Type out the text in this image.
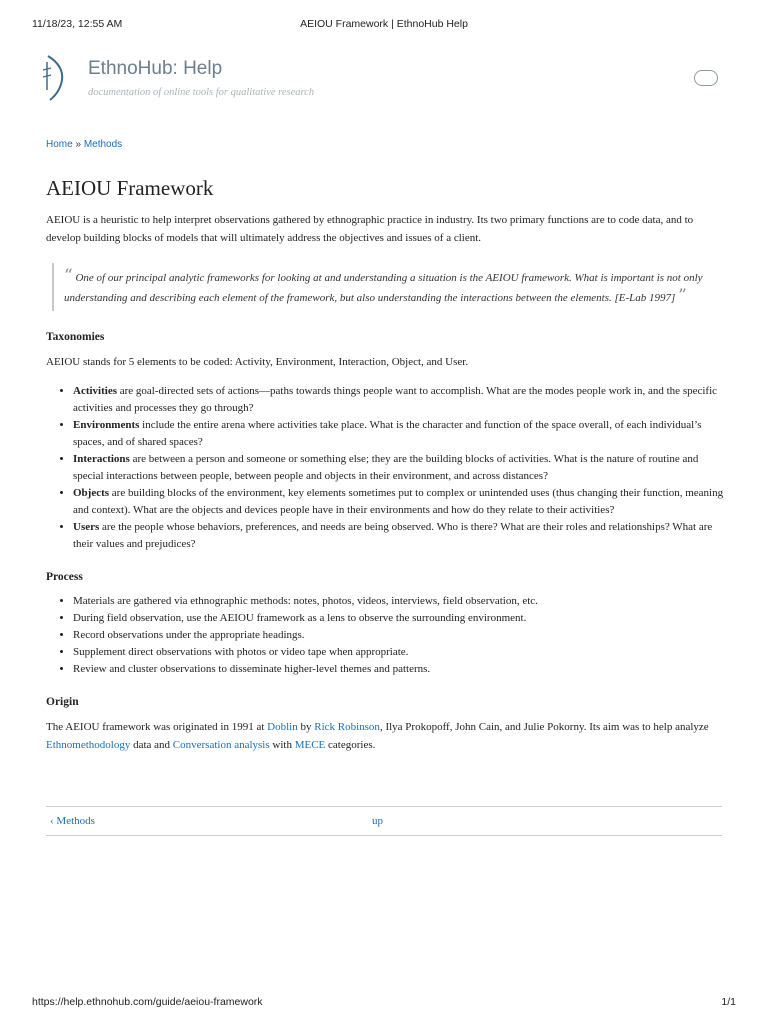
11/18/23, 12:55 AM	AEIOU Framework | EthnoHub Help
EthnoHub: Help
documentation of online tools for qualitative research
Home » Methods
AEIOU Framework

AEIOU is a heuristic to help interpret observations gathered by ethnographic practice in industry. Its two primary functions are to code data, and to develop building blocks of models that will ultimately address the objectives and issues of a client.

“ One of our principal analytic frameworks for looking at and understanding a situation is the AEIOU framework. What is important is not only understanding and describing each element of the framework, but also understanding the interactions between the elements. [E-Lab 1997] ”
Taxonomies

AEIOU stands for 5 elements to be coded: Activity, Environment, Interaction, Object, and User.

• Activities are goal-directed sets of actions—paths towards things people want to accomplish. What are the modes people work in, and the specific activities and processes they go through?
• Environments include the entire arena where activities take place. What is the character and function of the space overall, of each individual’s spaces, and of shared spaces?
• Interactions are between a person and someone or something else; they are the building blocks of activities. What is the nature of routine and special interactions between people, between people and objects in their environment, and across distances?
• Objects are building blocks of the environment, key elements sometimes put to complex or unintended uses (thus changing their function, meaning and context). What are the objects and devices people have in their environments and how do they relate to their activities?
• Users are the people whose behaviors, preferences, and needs are being observed. Who is there? What are their roles and relationships? What are their values and prejudices?
Process
• Materials are gathered via ethnographic methods: notes, photos, videos, interviews, field observation, etc.
• During field observation, use the AEIOU framework as a lens to observe the surrounding environment.
• Record observations under the appropriate headings.
• Supplement direct observations with photos or video tape when appropriate.
• Review and cluster observations to disseminate higher-level themes and patterns.
Origin

The AEIOU framework was originated in 1991 at Doblin by Rick Robinson, Ilya Prokopoff, John Cain, and Julie Pokorny. Its aim was to help analyze Ethnomethodology data and Conversation analysis with MECE categories.

‹ Methods	up
https://help.ethnohub.com/guide/aeiou-framework	1/1
